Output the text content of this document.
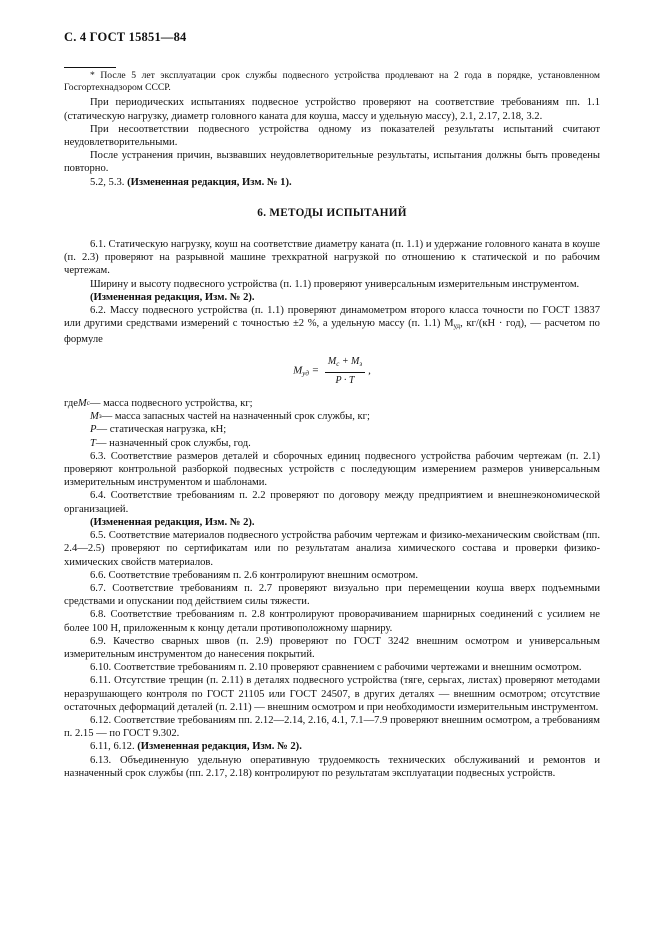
С. 4 ГОСТ 15851—84

* После 5 лет эксплуатации срок службы подвесного устройства продлевают на 2 года в порядке, установленном Госгортехнадзором СССР.

При периодических испытаниях подвесное устройство проверяют на соответствие требованиям пп. 1.1 (статическую нагрузку, диаметр головного каната для коуша, массу и удельную массу), 2.1, 2.17, 2.18, 3.2.

При несоответствии подвесного устройства одному из показателей результаты испытаний считают неудовлетворительными.

После устранения причин, вызвавших неудовлетворительные результаты, испытания должны быть проведены повторно.

5.2, 5.3. (Измененная редакция, Изм. № 1).

6. МЕТОДЫ ИСПЫТАНИЙ

6.1. Статическую нагрузку, коуш на соответствие диаметру каната (п. 1.1) и удержание головного каната в коуше (п. 2.3) проверяют на разрывной машине трехкратной нагрузкой по отношению к статической и по рабочим чертежам.

Ширину и высоту подвесного устройства (п. 1.1) проверяют универсальным измерительным инструментом.

(Измененная редакция, Изм. № 2).

6.2. Массу подвесного устройства (п. 1.1) проверяют динамометром второго класса точности по ГОСТ 13837 или другими средствами измерений с точностью ±2 %, а удельную массу (п. 1.1) $M_{уд}$, кг/(кН · год), — расчетом по формуле

$M_{уд} = \frac{M_c + M_з}{P \cdot T}$ ,
где M c — масса подвесного устройства, кг;
M з — масса запасных частей на назначенный срок службы, кг;
P — статическая нагрузка, кН;
T — назначенный срок службы, год.

6.3. Соответствие размеров деталей и сборочных единиц подвесного устройства рабочим чертежам (п. 2.1) проверяют контрольной разборкой подвесных устройств с последующим измерением размеров универсальным измерительным инструментом и шаблонами.

6.4. Соответствие требованиям п. 2.2 проверяют по договору между предприятием и внешнеэкономической организацией.

(Измененная редакция, Изм. № 2).

6.5. Соответствие материалов подвесного устройства рабочим чертежам и физико-механическим свойствам (пп. 2.4—2.5) проверяют по сертификатам или по результатам анализа химического состава и проверки физико-химических свойств материалов.

6.6. Соответствие требованиям п. 2.6 контролируют внешним осмотром.

6.7. Соответствие требованиям п. 2.7 проверяют визуально при перемещении коуша вверх подъемными средствами и опускании под действием силы тяжести.

6.8. Соответствие требованиям п. 2.8 контролируют проворачиванием шарнирных соединений с усилием не более 100 Н, приложенным к концу детали противоположному шарниру.

6.9. Качество сварных швов (п. 2.9) проверяют по ГОСТ 3242 внешним осмотром и универсальным измерительным инструментом до нанесения покрытий.

6.10. Соответствие требованиям п. 2.10 проверяют сравнением с рабочими чертежами и внешним осмотром.

6.11. Отсутствие трещин (п. 2.11) в деталях подвесного устройства (тяге, серьгах, листах) проверяют методами неразрушающего контроля по ГОСТ 21105 или ГОСТ 24507, в других деталях — внешним осмотром; отсутствие остаточных деформаций деталей (п. 2.11) — внешним осмотром и при необходимости измерительным инструментом.

6.12. Соответствие требованиям пп. 2.12—2.14, 2.16, 4.1, 7.1—7.9 проверяют внешним осмотром, а требованиям п. 2.15 — по ГОСТ 9.302.

6.11, 6.12. (Измененная редакция, Изм. № 2).

6.13. Объединенную удельную оперативную трудоемкость технических обслуживаний и ремонтов и назначенный срок службы (пп. 2.17, 2.18) контролируют по результатам эксплуатации подвесных устройств.
